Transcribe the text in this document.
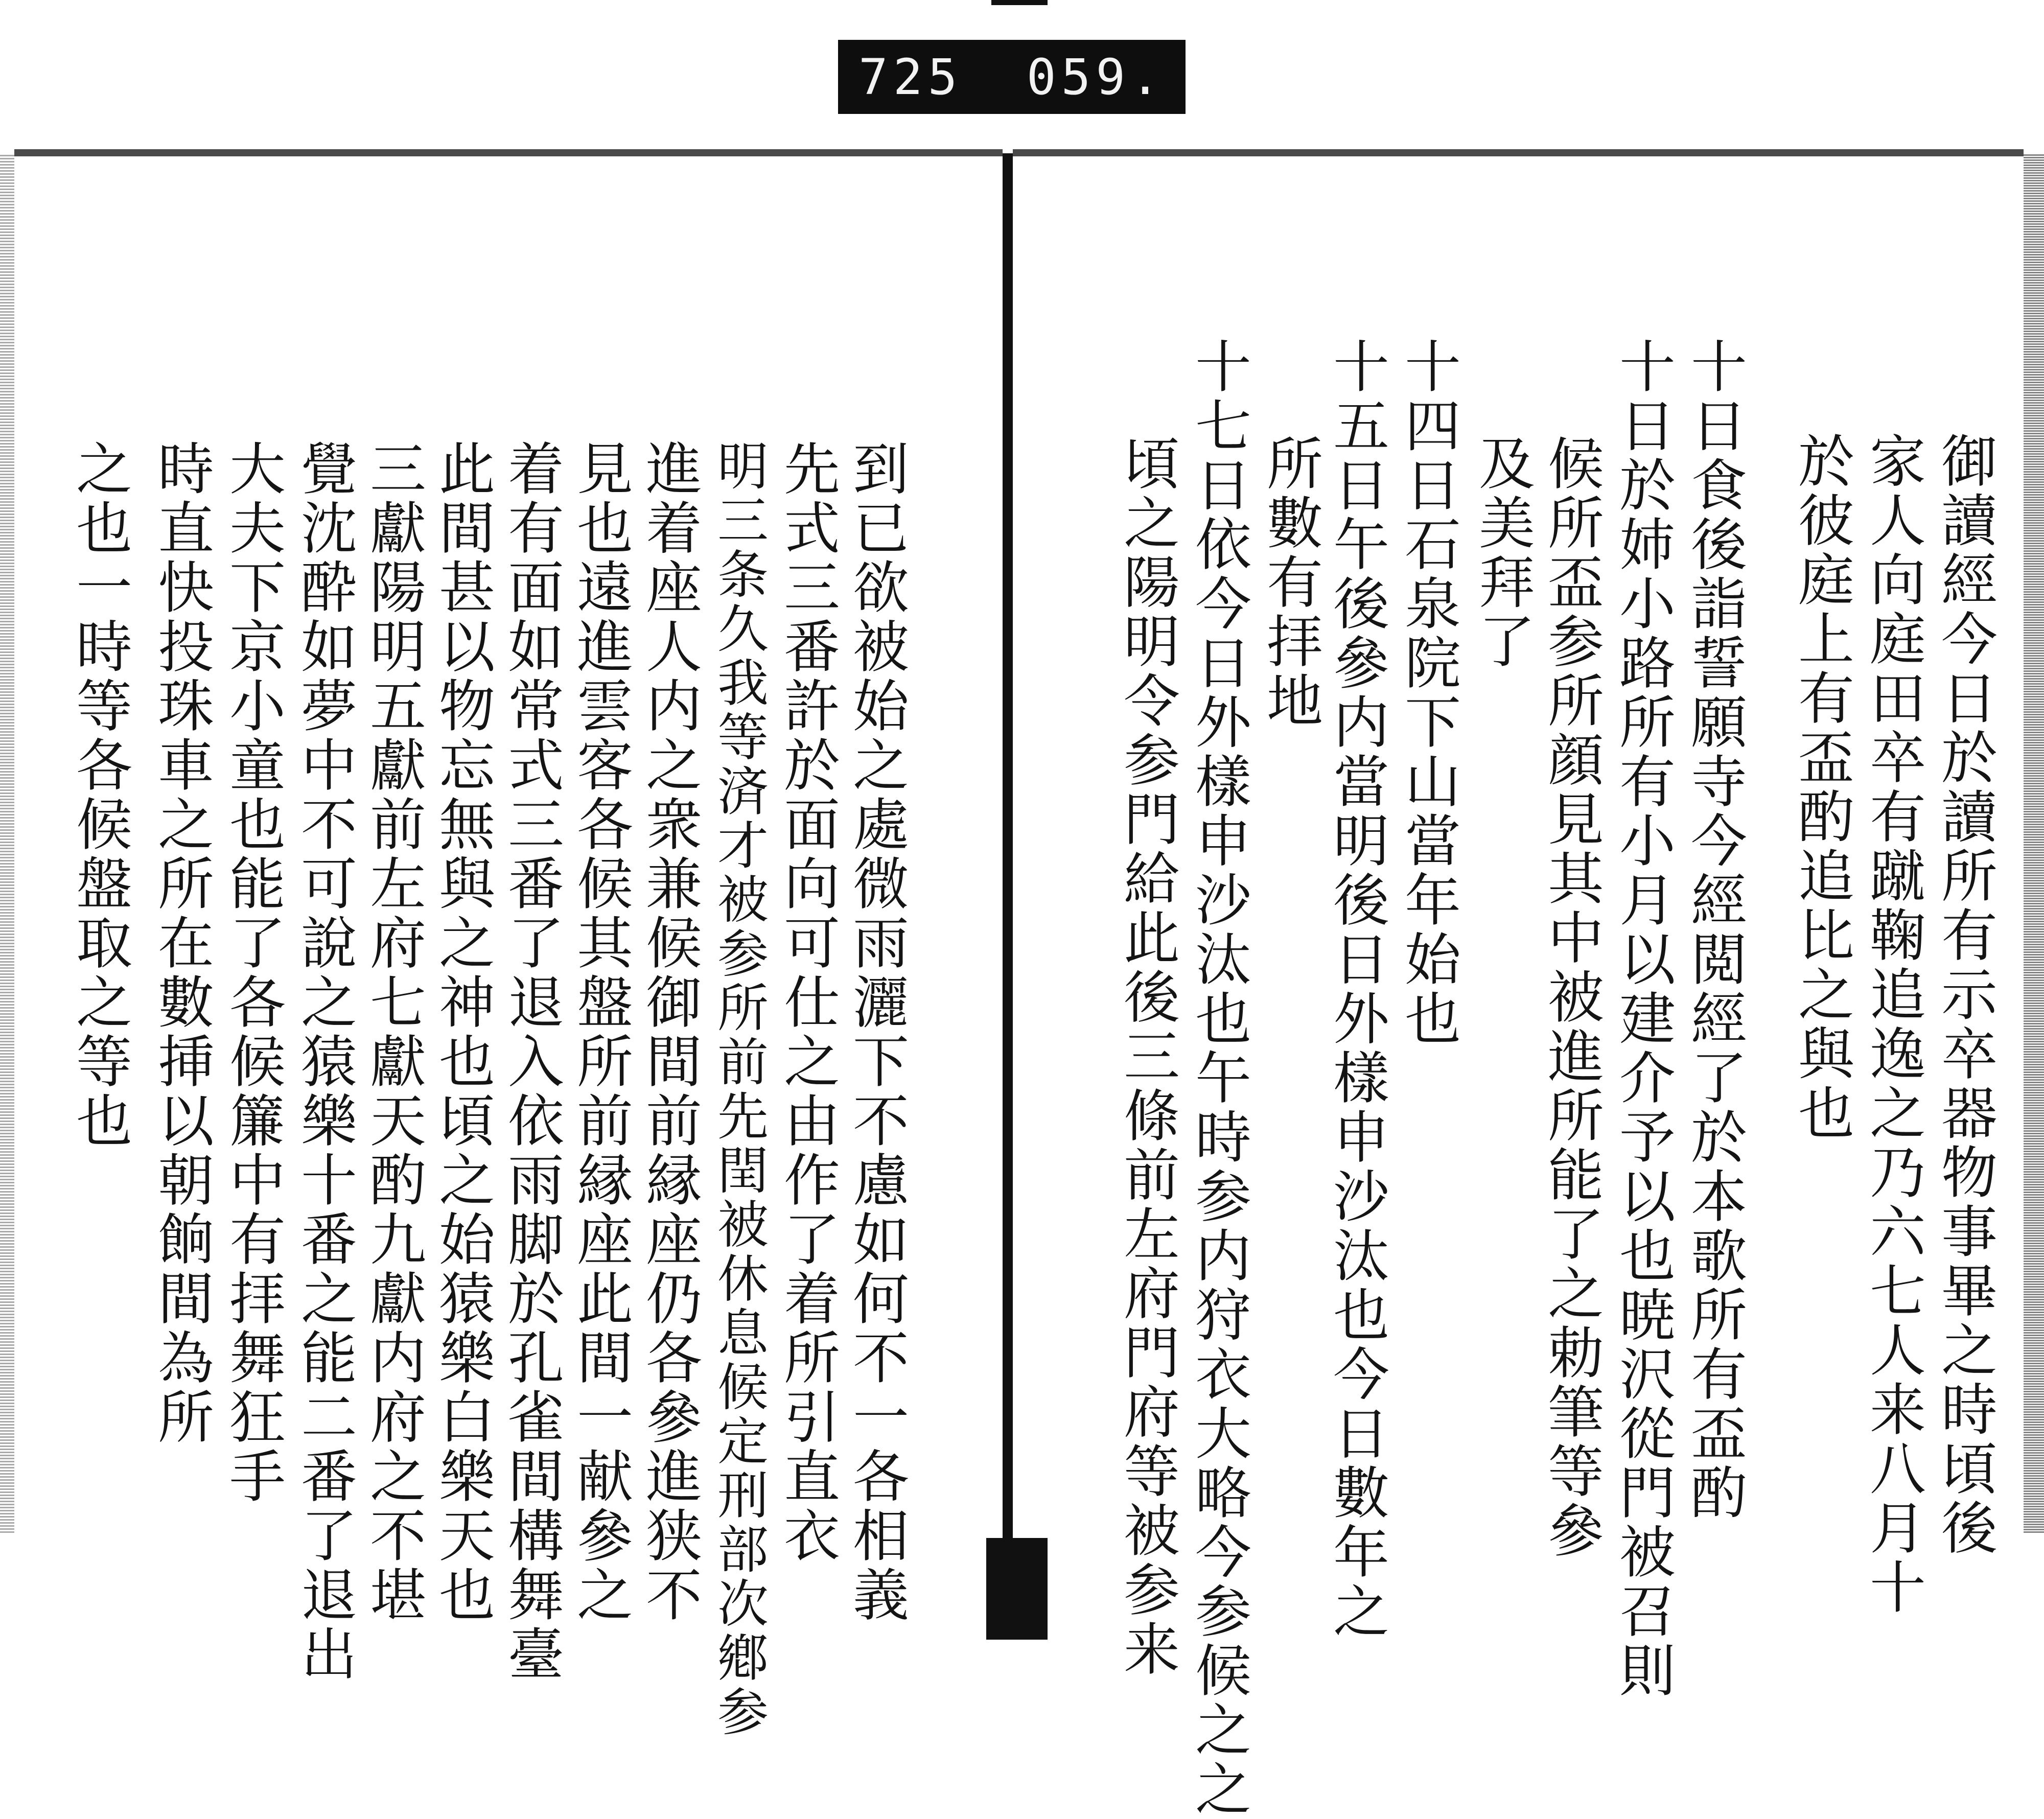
725 059.
御讀經今日於讀所有示卒器物事畢之時頃後
家人向庭田卒有蹴鞠追逸之乃六七人来八月十
於彼庭上有盃酌追比之與也
十日食後詣誓願寺今經閲經了於本歌所有盃酌
十日於姉小路所有小月以建介予以也暁沢從門被召則
候所盃参所顔見其中被進所能了之勅筆等參
及美拜了
十四日石泉院下山當年始也
十五日午後參内當明後日外樣申沙汰也今日數年之
所數有拝地
十七日依今日外樣申沙汰也午時参内狩衣大略今参候之之
頃之陽明令参門給此後三條前左府門府等被参来
到已欲被始之處微雨灑下不慮如何不一各相義
先式三番許於面向可仕之由作了着所引直衣
明三条久我等済才被参所前先閏被休息候定刑部次鄕参
進着座人内之衆兼候御間前縁座仍各參進狭不
見也遠進雲客各候其盤所前縁座此間一献參之
着有面如常式三番了退入依雨脚於孔雀間構舞臺
此間甚以物忘無與之神也頃之始猿樂白樂天也
三獻陽明五獻前左府七獻天酌九獻内府之不堪
覺沈酔如夢中不可說之猿樂十番之能二番了退出
大夫下京小童也能了各候簾中有拝舞狂手
時直快投珠車之所在數挿以朝餉間為所
之也一時等各候盤取之等也
